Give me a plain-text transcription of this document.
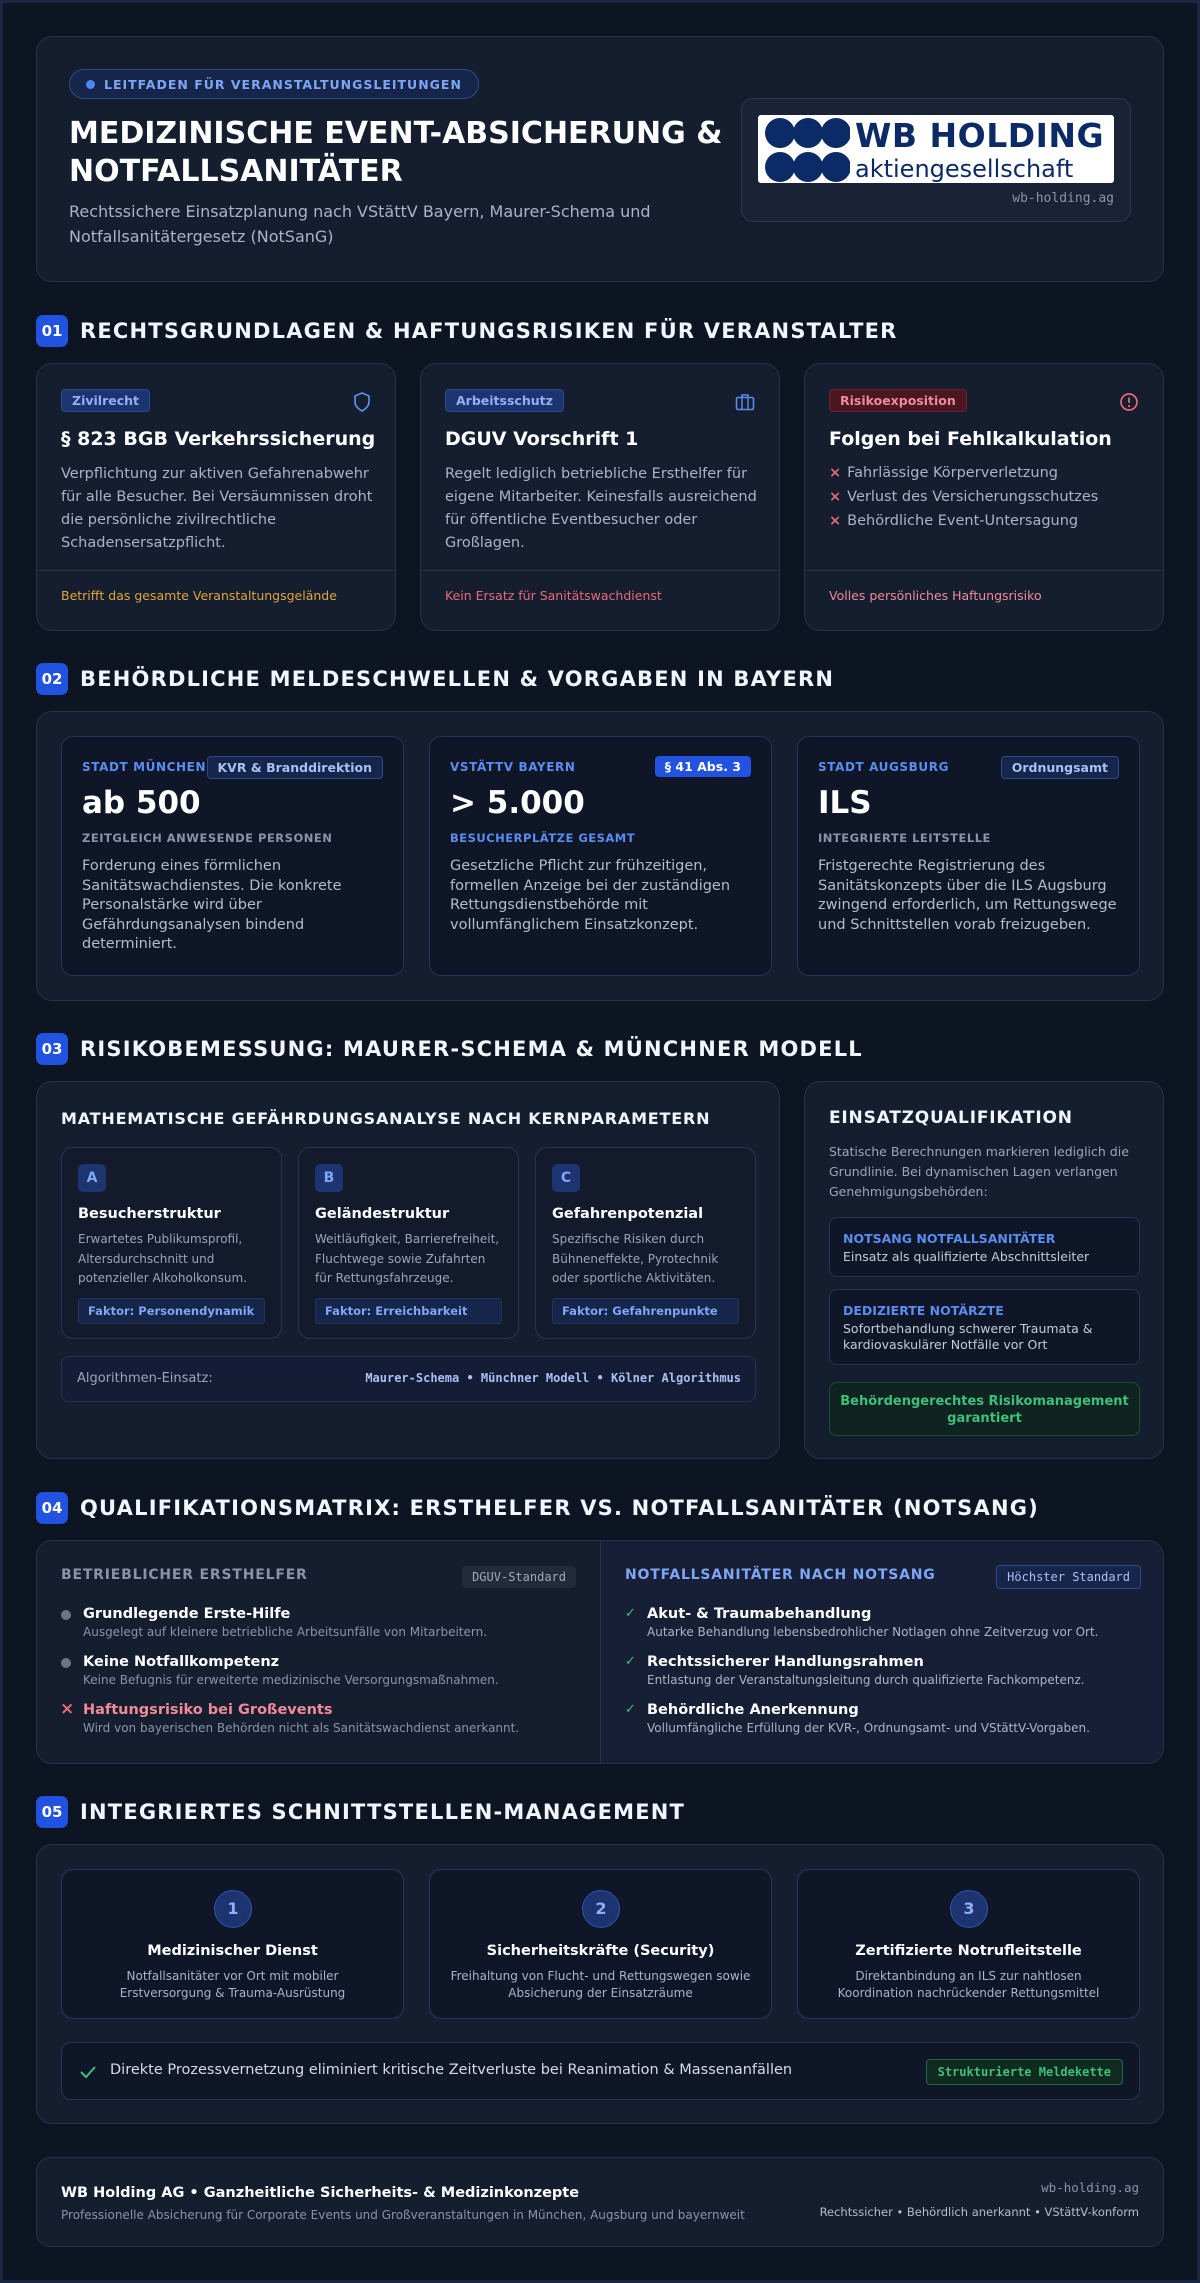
LEITFADEN FÜR VERANSTALTUNGSLEITUNGEN
MEDIZINISCHE EVENT-ABSICHERUNG &
NOTFALLSANITÄTER
Rechtssichere Einsatzplanung nach VStättV Bayern, Maurer-Schema und
Notfallsanitätergesetz (NotSanG)
WB HOLDING
aktiengesellschaft
wb-holding.ag
01 RECHTSGRUNDLAGEN & HAFTUNGSRISIKEN FÜR VERANSTALTER
Zivilrecht
§ 823 BGB Verkehrssicherung
Verpflichtung zur aktiven Gefahrenabwehr
für alle Besucher. Bei Versäumnissen droht
die persönliche zivilrechtliche
Schadensersatzpflicht.
Betrifft das gesamte Veranstaltungsgelände
Arbeitsschutz
DGUV Vorschrift 1
Regelt lediglich betriebliche Ersthelfer für
eigene Mitarbeiter. Keinesfalls ausreichend
für öffentliche Eventbesucher oder
Großlagen.
Kein Ersatz für Sanitätswachdienst
Risikoexposition
Folgen bei Fehlkalkulation
× Fahrlässige Körperverletzung
× Verlust des Versicherungsschutzes
× Behördliche Event-Untersagung
Volles persönliches Haftungsrisiko
02 BEHÖRDLICHE MELDESCHWELLEN & VORGABEN IN BAYERN
STADT MÜNCHEN KVR & Branddirektion
ab 500
ZEITGLEICH ANWESENDE PERSONEN
Forderung eines förmlichen
Sanitätswachdienstes. Die konkrete
Personalstärke wird über
Gefährdungsanalysen bindend
determiniert.
VSTÄTTV BAYERN	§ 41 Abs. 3
> 5.000
BESUCHERPLÄTZE GESAMT
Gesetzliche Pflicht zur frühzeitigen,
formellen Anzeige bei der zuständigen
Rettungsdienstbehörde mit
vollumfänglichem Einsatzkonzept.
STADT AUGSBURG	Ordnungsamt
ILS
INTEGRIERTE LEITSTELLE
Fristgerechte Registrierung des
Sanitätskonzepts über die ILS Augsburg
zwingend erforderlich, um Rettungswege
und Schnittstellen vorab freizugeben.
03 RISIKOBEMESSUNG: MAURER-SCHEMA & MÜNCHNER MODELL
MATHEMATISCHE GEFÄHRDUNGSANALYSE NACH KERNPARAMETERN
A
Besucherstruktur
Erwartetes Publikumsprofil,
Altersdurchschnitt und
potenzieller Alkoholkonsum.
Faktor: Personendynamik
B
Geländestruktur
Weitläufigkeit, Barrierefreiheit,
Fluchtwege sowie Zufahrten
für Rettungsfahrzeuge.
Faktor: Erreichbarkeit
C
Gefahrenpotenzial
Spezifische Risiken durch
Bühneneffekte, Pyrotechnik
oder sportliche Aktivitäten.
Faktor: Gefahrenpunkte
Algorithmen-Einsatz:	Maurer-Schema • Münchner Modell • Kölner Algorithmus
EINSATZQUALIFIKATION
Statische Berechnungen markieren lediglich die
Grundlinie. Bei dynamischen Lagen verlangen
Genehmigungsbehörden:
NOTSANG NOTFALLSANITÄTER
Einsatz als qualifizierte Abschnittsleiter
DEDIZIERTE NOTÄRZTE
Sofortbehandlung schwerer Traumata &
kardiovaskulärer Notfälle vor Ort
Behördengerechtes Risikomanagement
garantiert
04 QUALIFIKATIONSMATRIX: ERSTHELFER VS. NOTFALLSANITÄTER (NOTSANG)
BETRIEBLICHER ERSTHELFER	DGUV-Standard
Grundlegende Erste-Hilfe
Ausgelegt auf kleinere betriebliche Arbeitsunfälle von Mitarbeitern.
Keine Notfallkompetenz
Keine Befugnis für erweiterte medizinische Versorgungsmaßnahmen.
× Haftungsrisiko bei Großevents
Wird von bayerischen Behörden nicht als Sanitätswachdienst anerkannt.
NOTFALLSANITÄTER NACH NOTSANG	Höchster Standard
✓ Akut- & Traumabehandlung
Autarke Behandlung lebensbedrohlicher Notlagen ohne Zeitverzug vor Ort.
✓ Rechtssicherer Handlungsrahmen
Entlastung der Veranstaltungsleitung durch qualifizierte Fachkompetenz.
✓ Behördliche Anerkennung
Vollumfängliche Erfüllung der KVR-, Ordnungsamt- und VStättV-Vorgaben.
05 INTEGRIERTES SCHNITTSTELLEN-MANAGEMENT
1
Medizinischer Dienst
Notfallsanitäter vor Ort mit mobiler
Erstversorgung & Trauma-Ausrüstung
2
Sicherheitskräfte (Security)
Freihaltung von Flucht- und Rettungswegen sowie
Absicherung der Einsatzräume
3
Zertifizierte Notrufleitstelle
Direktanbindung an ILS zur nahtlosen
Koordination nachrückender Rettungsmittel
Direkte Prozessvernetzung eliminiert kritische Zeitverluste bei Reanimation & Massenanfällen	Strukturierte Meldekette
WB Holding AG • Ganzheitliche Sicherheits- & Medizinkonzepte
Professionelle Absicherung für Corporate Events und Großveranstaltungen in München, Augsburg und bayernweit
wb-holding.ag
Rechtssicher • Behördlich anerkannt • VStättV-konform
